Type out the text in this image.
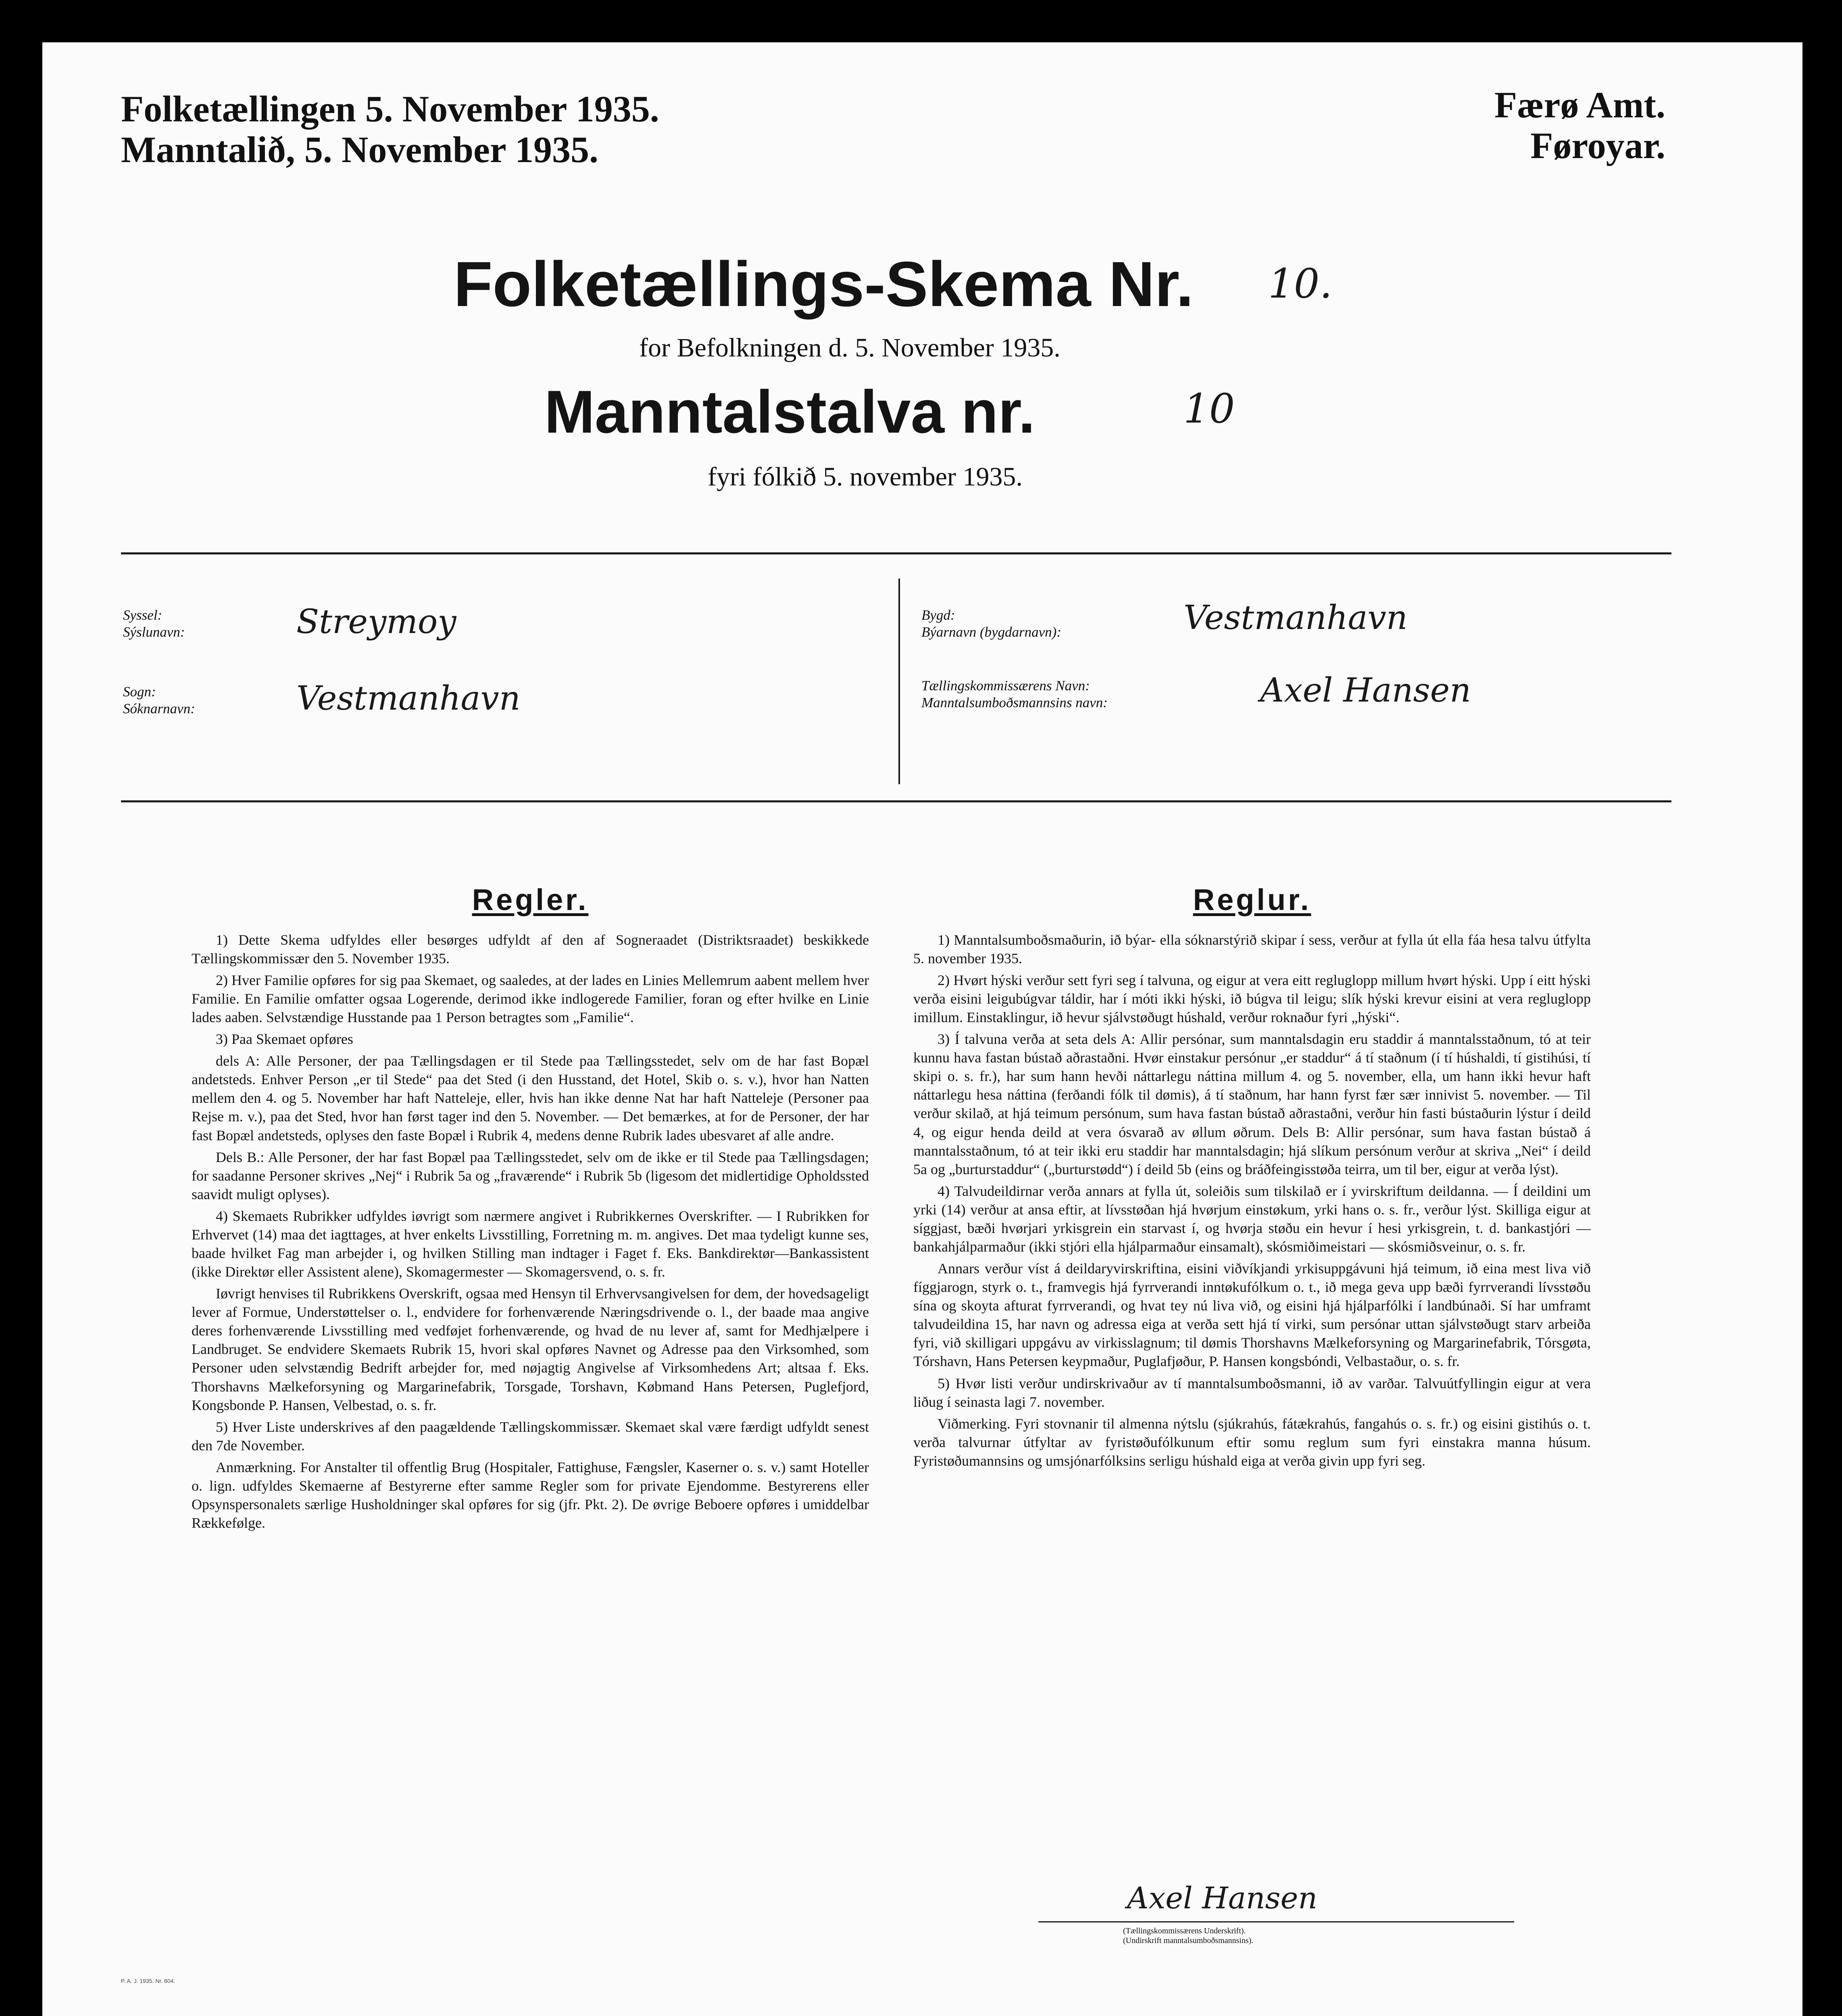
Folketællingen 5. November 1935.
Manntalið, 5. November 1935.
Færø Amt.
Føroyar.
Folketællings-Skema Nr. 10.
for Befolkningen d. 5. November 1935.
Manntalstalva nr.	10
fyri fólkið 5. november 1935.
Syssel:
Sýslunavn:	Streymoy
Sogn:
Sóknarnavn:	Vestmanhavn
Bygd:
Býarnavn (bygdarnavn):	Vestmanhavn
Tællingskommissærens Navn:
Manntalsumboðsmannsins navn:	Axel Hansen
Regler.

1) Dette Skema udfyldes eller besørges udfyldt af den af Sogneraadet (Distriktsraadet) beskikkede Tællingskommissær den 5. November 1935.

2) Hver Familie opføres for sig paa Skemaet, og saaledes, at der lades en Linies Mellemrum aabent mellem hver Familie. En Familie omfatter ogsaa Logerende, derimod ikke indlogerede Familier, foran og efter hvilke en Linie lades aaben. Selvstændige Husstande paa 1 Person betragtes som „Familie“.

3) Paa Skemaet opføres

dels A: Alle Personer, der paa Tællingsdagen er til Stede paa Tællingsstedet, selv om de har fast Bopæl andetsteds. Enhver Person „er til Stede“ paa det Sted (i den Husstand, det Hotel, Skib o. s. v.), hvor han Natten mellem den 4. og 5. November har haft Natteleje, eller, hvis han ikke denne Nat har haft Natteleje (Personer paa Rejse m. v.), paa det Sted, hvor han først tager ind den 5. November. — Det bemærkes, at for de Personer, der har fast Bopæl andetsteds, oplyses den faste Bopæl i Rubrik 4, medens denne Rubrik lades ubesvaret af alle andre.

Dels B.: Alle Personer, der har fast Bopæl paa Tællingsstedet, selv om de ikke er til Stede paa Tællingsdagen; for saadanne Personer skrives „Nej“ i Rubrik 5a og „fraværende“ i Rubrik 5b (ligesom det midlertidige Opholdssted saavidt muligt oplyses).

4) Skemaets Rubrikker udfyldes iøvrigt som nærmere angivet i Rubrikkernes Overskrifter. — I Rubrikken for Erhvervet (14) maa det iagttages, at hver enkelts Livsstilling, Forretning m. m. angives. Det maa tydeligt kunne ses, baade hvilket Fag man arbejder i, og hvilken Stilling man indtager i Faget f. Eks. Bankdirektør—Bankassistent (ikke Direktør eller Assistent alene), Skomagermester — Skomagersvend, o. s. fr.

Iøvrigt henvises til Rubrikkens Overskrift, ogsaa med Hensyn til Erhvervsangivelsen for dem, der hovedsageligt lever af Formue, Understøttelser o. l., endvidere for forhenværende Næringsdrivende o. l., der baade maa angive deres forhenværende Livsstilling med vedføjet forhenværende, og hvad de nu lever af, samt for Medhjælpere i Landbruget. Se endvidere Skemaets Rubrik 15, hvori skal opføres Navnet og Adresse paa den Virksomhed, som Personer uden selvstændig Bedrift arbejder for, med nøjagtig Angivelse af Virksomhedens Art; altsaa f. Eks. Thorshavns Mælkeforsyning og Margarinefabrik, Torsgade, Torshavn, Købmand Hans Petersen, Puglefjord, Kongsbonde P. Hansen, Velbestad, o. s. fr.

5) Hver Liste underskrives af den paagældende Tællingskommissær. Skemaet skal være færdigt udfyldt senest den 7de November.

Anmærkning. For Anstalter til offentlig Brug (Hospitaler, Fattighuse, Fængsler, Kaserner o. s. v.) samt Hoteller o. lign. udfyldes Skemaerne af Bestyrerne efter samme Regler som for private Ejendomme. Bestyrerens eller Opsynspersonalets særlige Husholdninger skal opføres for sig (jfr. Pkt. 2). De øvrige Beboere opføres i umiddelbar Rækkefølge.

Reglur.

1) Manntalsumboðsmaðurin, ið býar- ella sóknarstýrið skipar í sess, verður at fylla út ella fáa hesa talvu útfylta 5. november 1935.

2) Hvørt hýski verður sett fyri seg í talvuna, og eigur at vera eitt regluglopp millum hvørt hýski. Upp í eitt hýski verða eisini leigubúgvar táldir, har í móti ikki hýski, ið búgva til leigu; slík hýski krevur eisini at vera regluglopp imillum. Einstaklingur, ið hevur sjálvstøðugt húshald, verður roknaður fyri „hýski“.

3) Í talvuna verða at seta dels A: Allir persónar, sum manntalsdagin eru staddir á manntalsstaðnum, tó at teir kunnu hava fastan bústað aðrastaðni. Hvør einstakur persónur „er staddur“ á tí staðnum (í tí húshaldi, tí gistihúsi, tí skipi o. s. fr.), har sum hann hevði náttarlegu náttina millum 4. og 5. november, ella, um hann ikki hevur haft náttarlegu hesa náttina (ferðandi fólk til dømis), á tí staðnum, har hann fyrst fær sær innivist 5. november. — Til verður skilað, at hjá teimum persónum, sum hava fastan bústað aðrastaðni, verður hin fasti bústaðurin lýstur í deild 4, og eigur henda deild at vera ósvarað av øllum øðrum. Dels B: Allir persónar, sum hava fastan bústað á manntalsstaðnum, tó at teir ikki eru staddir har manntalsdagin; hjá slíkum persónum verður at skriva „Nei“ í deild 5a og „burturstaddur“ („burturstødd“) í deild 5b (eins og bráðfeingisstøða teirra, um til ber, eigur at verða lýst).

4) Talvudeildirnar verða annars at fylla út, soleiðis sum tilskilað er í yvirskriftum deildanna. — Í deildini um yrki (14) verður at ansa eftir, at lívsstøðan hjá hvørjum einstøkum, yrki hans o. s. fr., verður lýst. Skilliga eigur at síggjast, bæði hvørjari yrkisgrein ein starvast í, og hvørja støðu ein hevur í hesi yrkisgrein, t. d. bankastjóri — bankahjálparmaður (ikki stjóri ella hjálparmaður einsamalt), skósmiðimeistari — skósmiðsveinur, o. s. fr.

Annars verður víst á deildaryvirskriftina, eisini viðvíkjandi yrkisuppgávuni hjá teimum, ið eina mest liva við fíggjarogn, styrk o. t., framvegis hjá fyrrverandi inntøkufólkum o. t., ið mega geva upp bæði fyrrverandi lívsstøðu sína og skoyta afturat fyrrverandi, og hvat tey nú liva við, og eisini hjá hjálparfólki í landbúnaði. Sí har umframt talvudeildina 15, har navn og adressa eiga at verða sett hjá tí virki, sum persónar uttan sjálvstøðugt starv arbeiða fyri, við skilligari uppgávu av virkisslagnum; til dømis Thorshavns Mælkeforsyning og Margarinefabrik, Tórsgøta, Tórshavn, Hans Petersen keypmaður, Puglafjøður, P. Hansen kongsbóndi, Velbastaður, o. s. fr.

5) Hvør listi verður undirskrivaður av tí manntalsumboðsmanni, ið av varðar. Talvuútfyllingin eigur at vera liðug í seinasta lagi 7. november.

Viðmerking. Fyri stovnanir til almenna nýtslu (sjúkrahús, fátækrahús, fangahús o. s. fr.) og eisini gistihús o. t. verða talvurnar útfyltar av fyristøðufólkunum eftir somu reglum sum fyri einstakra manna húsum. Fyristøðumannsins og umsjónarfólksins serligu húshald eiga at verða givin upp fyri seg.

Axel Hansen
(Tællingskommissærens Underskrift).
(Undirskrift manntalsumboðsmannsins).
P. A. J. 1935. Nr. 604.
